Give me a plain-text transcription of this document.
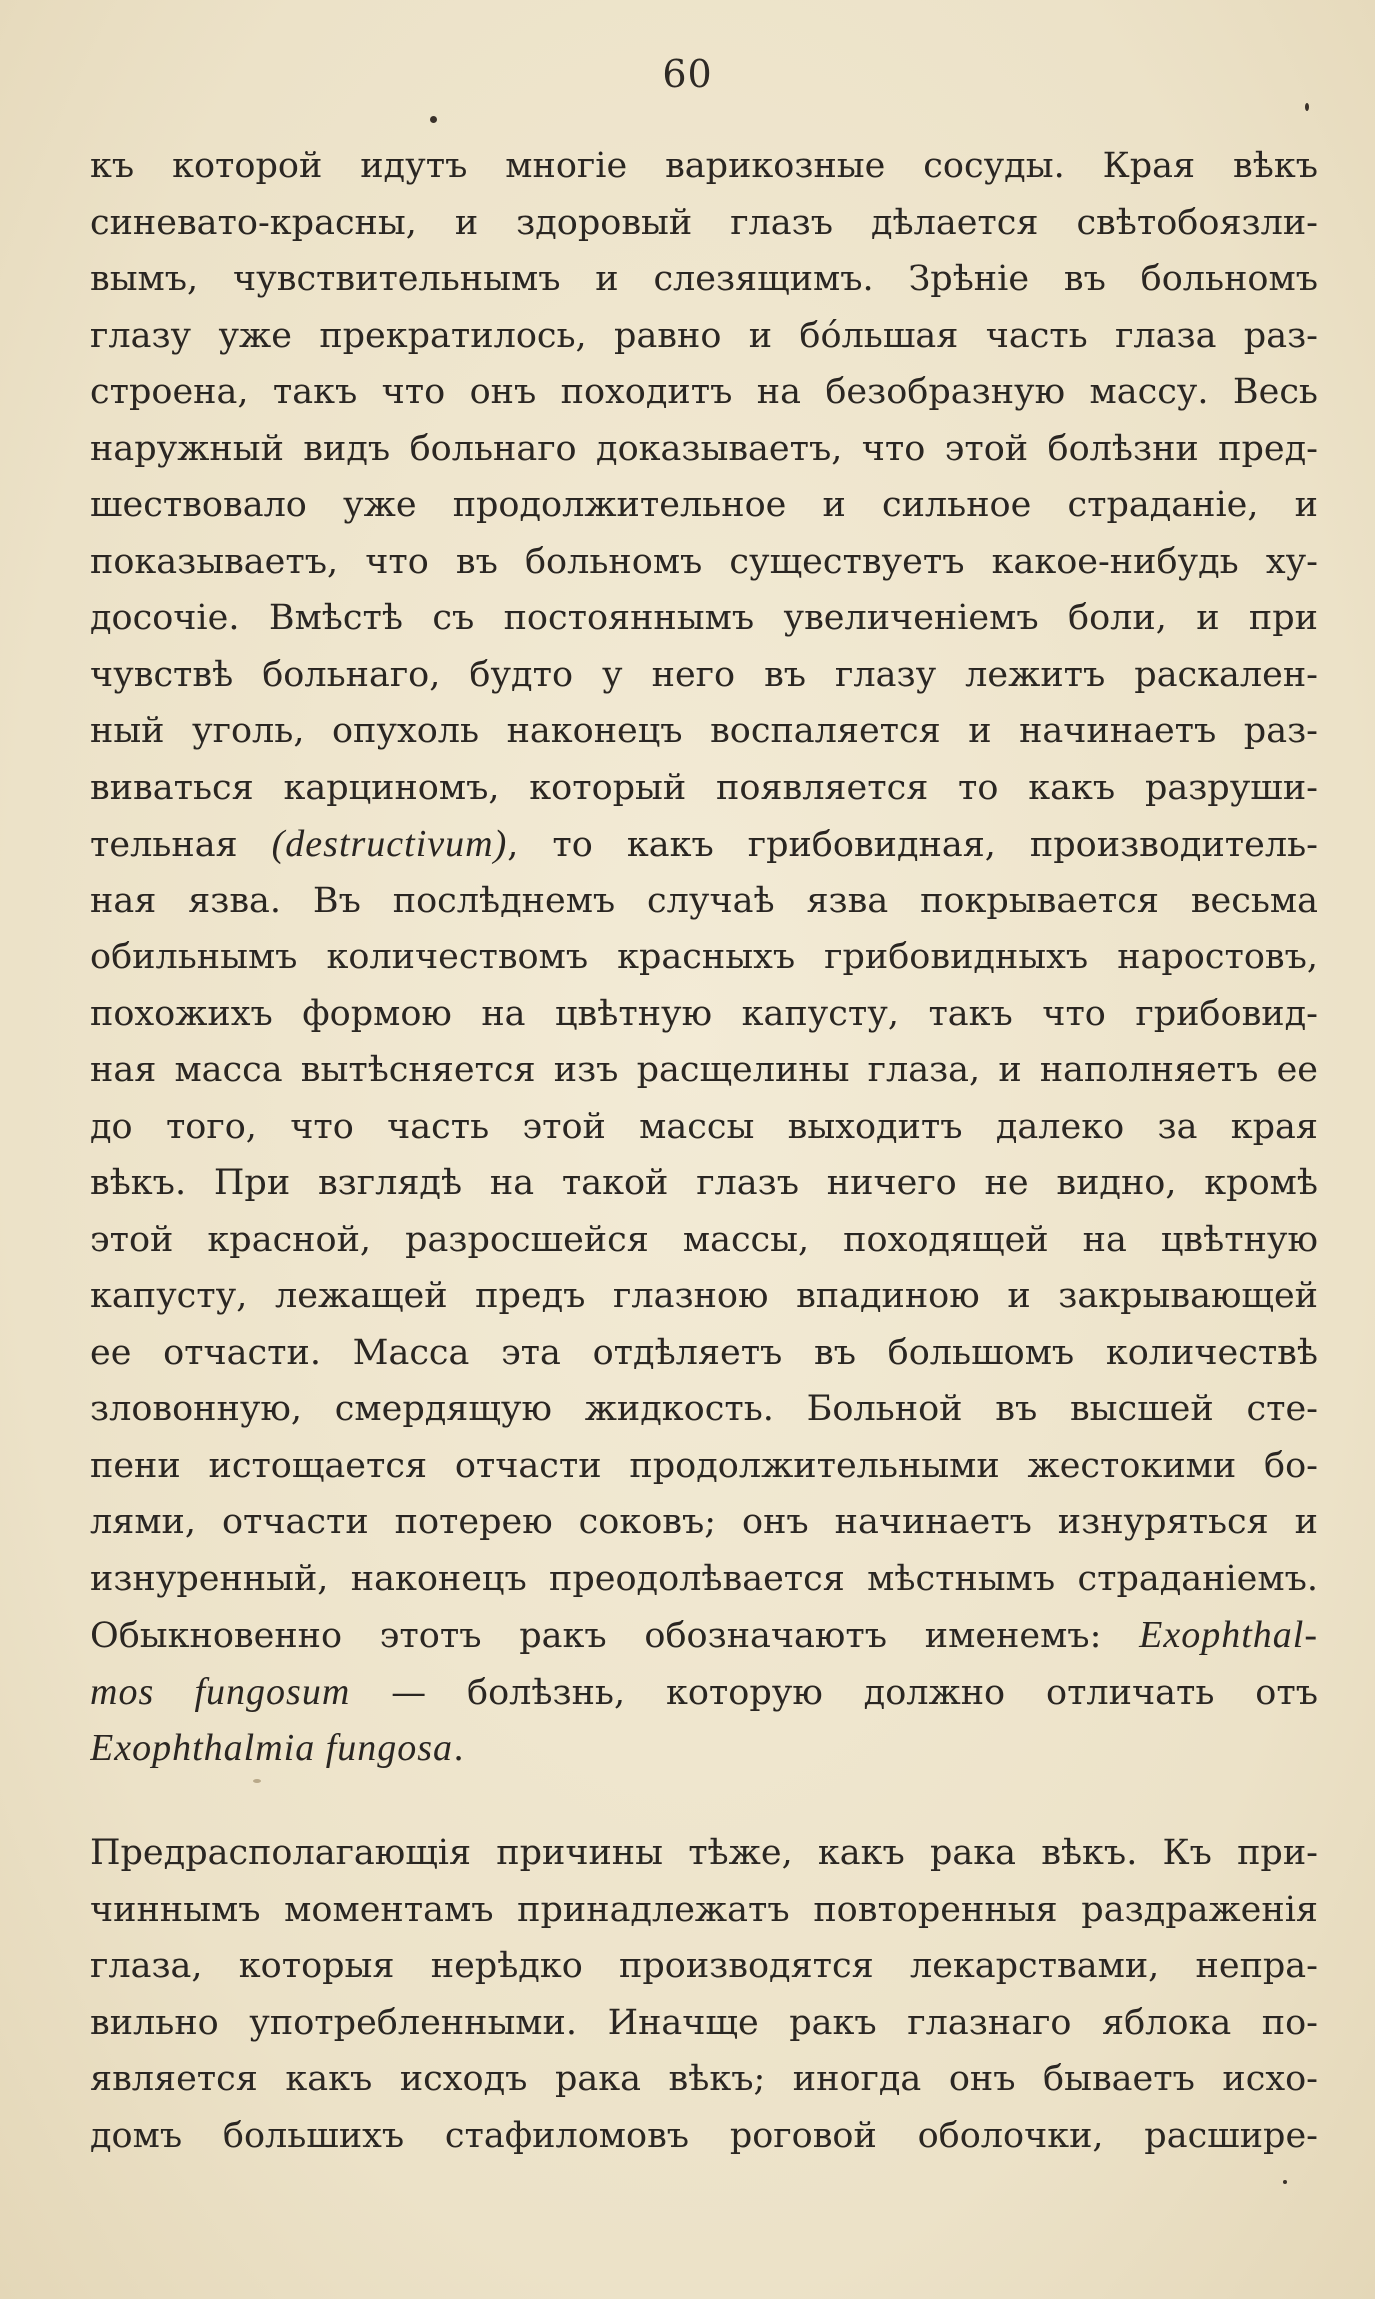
60
къ которой идутъ многіе варикозные сосуды. Края вѣкъ
синевато-красны, и здоровый глазъ дѣлается свѣтобоязли-
вымъ, чувствительнымъ и слезящимъ. Зрѣніе въ больномъ
глазу уже прекратилось, равно и бо́льшая часть глаза раз-
строена, такъ что онъ походитъ на безобразную массу. Весь
наружный видъ больнаго доказываетъ, что этой болѣзни пред-
шествовало уже продолжительное и сильное страданіе, и
показываетъ, что въ больномъ существуетъ какое-нибудь ху-
досочіе. Вмѣстѣ съ постояннымъ увеличеніемъ боли, и при
чувствѣ больнаго, будто у него въ глазу лежитъ раскален-
ный уголь, опухоль наконецъ воспаляется и начинаетъ раз-
виваться карциномъ, который появляется то какъ разруши-
тельная (destructivum), то какъ грибовидная, производитель-
ная язва. Въ послѣднемъ случаѣ язва покрывается весьма
обильнымъ количествомъ красныхъ грибовидныхъ наростовъ,
похожихъ формою на цвѣтную капусту, такъ что грибовид-
ная масса вытѣсняется изъ расщелины глаза, и наполняетъ ее
до того, что часть этой массы выходитъ далеко за края
вѣкъ. При взглядѣ на такой глазъ ничего не видно, кромѣ
этой красной, разросшейся массы, походящей на цвѣтную
капусту, лежащей предъ глазною впадиною и закрывающей
ее отчасти. Масса эта отдѣляетъ въ большомъ количествѣ
зловонную, смердящую жидкость. Больной въ высшей сте-
пени истощается отчасти продолжительными жестокими бо-
лями, отчасти потерею соковъ; онъ начинаетъ изнуряться и
изнуренный, наконецъ преодолѣвается мѣстнымъ страданіемъ.
Обыкновенно этотъ ракъ обозначаютъ именемъ: Exophthal-
mos fungosum — болѣзнь, которую должно отличать отъ
Exophthalmia fungosa.
Предрасполагающія причины тѣже, какъ рака вѣкъ. Къ при-
чиннымъ моментамъ принадлежатъ повторенныя раздраженія
глаза, которыя нерѣдко производятся лекарствами, непра-
вильно употребленными. Иначще ракъ глазнаго яблока по-
является какъ исходъ рака вѣкъ; иногда онъ бываетъ исхо-
домъ большихъ стафиломовъ роговой оболочки, расшире-
